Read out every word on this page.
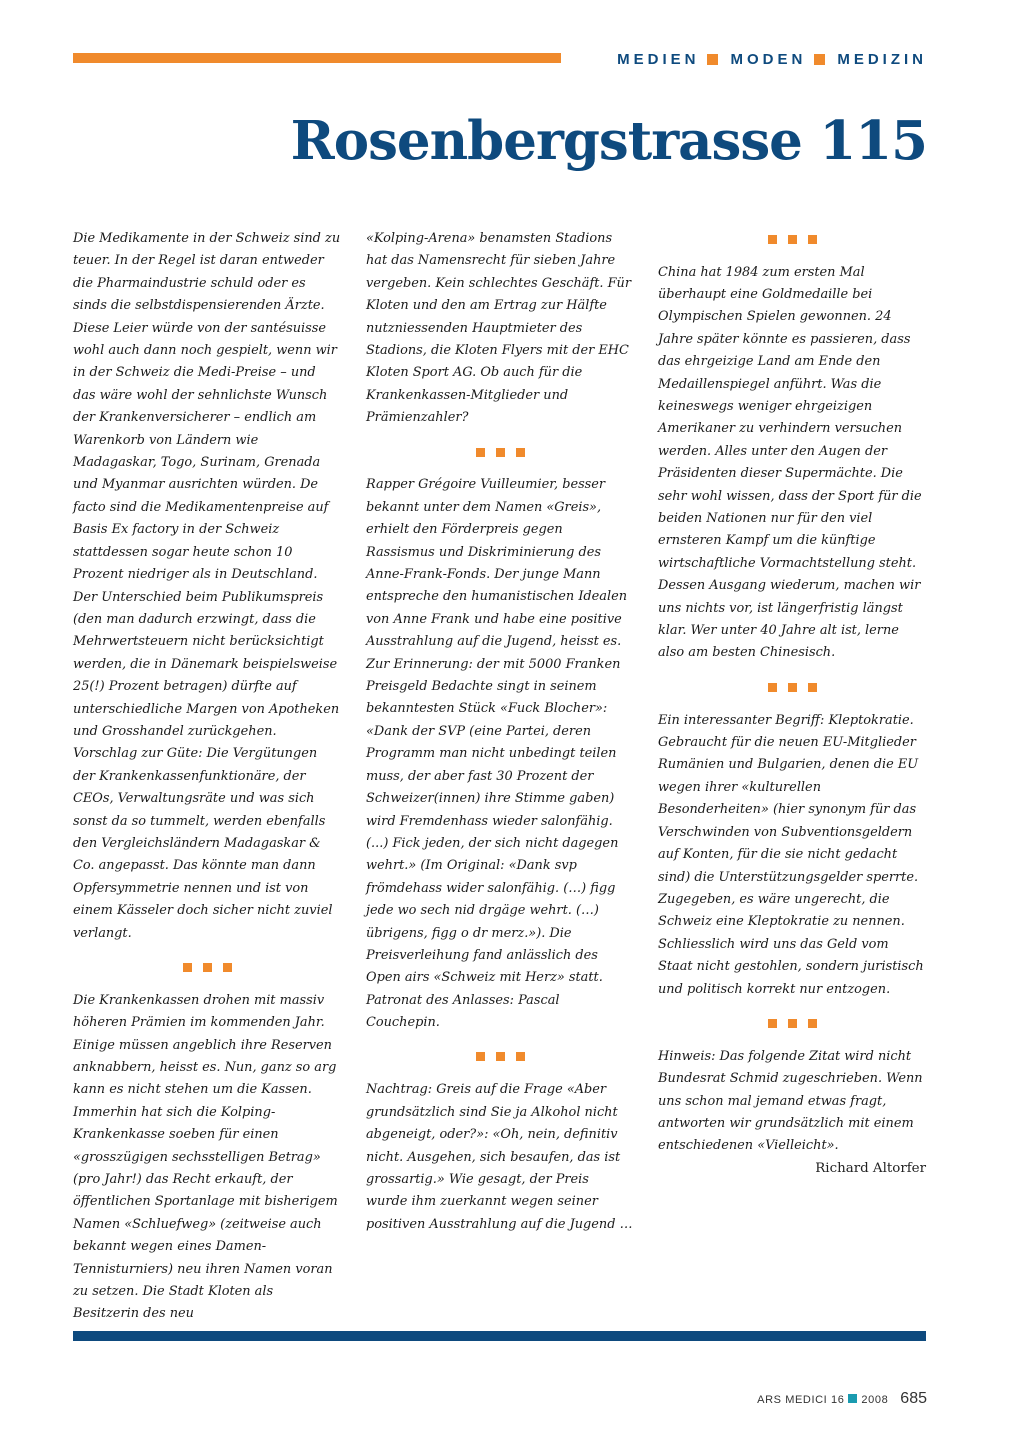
MEDIEN MODEN MEDIZIN
Rosenbergstrasse 115

Die Medikamente in der Schweiz sind zu teuer. In der Regel ist daran entweder die Pharmaindustrie schuld oder es sinds die selbstdispensierenden Ärzte. Diese Leier würde von der santésuisse wohl auch dann noch gespielt, wenn wir in der Schweiz die Medi-Preise – und das wäre wohl der sehnlichste Wunsch der Krankenversicherer – endlich am Warenkorb von Ländern wie Madagaskar, Togo, Surinam, Grenada und Myanmar ausrichten würden. De facto sind die Medikamentenpreise auf Basis Ex factory in der Schweiz stattdessen sogar heute schon 10 Prozent niedriger als in Deutschland. Der Unterschied beim Publikumspreis (den man dadurch erzwingt, dass die Mehrwertsteuern nicht berücksichtigt werden, die in Dänemark beispielsweise 25(!) Prozent betragen) dürfte auf unterschiedliche Margen von Apotheken und Grosshandel zurückgehen. Vorschlag zur Güte: Die Vergütungen der Krankenkassenfunktionäre, der CEOs, Verwaltungsräte und was sich sonst da so tummelt, werden ebenfalls den Vergleichsländern Madagaskar & Co. angepasst. Das könnte man dann Opfersymmetrie nennen und ist von einem Kässeler doch sicher nicht zuviel verlangt.

Die Krankenkassen drohen mit massiv höheren Prämien im kommenden Jahr. Einige müssen angeblich ihre Reserven anknabbern, heisst es. Nun, ganz so arg kann es nicht stehen um die Kassen. Immerhin hat sich die Kolping-Krankenkasse soeben für einen «grosszügigen sechsstelligen Betrag» (pro Jahr!) das Recht erkauft, der öffentlichen Sportanlage mit bisherigem Namen «Schluefweg» (zeitweise auch bekannt wegen eines Damen-Tennisturniers) neu ihren Namen voran zu setzen. Die Stadt Kloten als Besitzerin des neu

«Kolping-Arena» benamsten Stadions hat das Namensrecht für sieben Jahre vergeben. Kein schlechtes Geschäft. Für Kloten und den am Ertrag zur Hälfte nutzniessenden Hauptmieter des Stadions, die Kloten Flyers mit der EHC Kloten Sport AG. Ob auch für die Krankenkassen-Mitglieder und Prämienzahler?

Rapper Grégoire Vuilleumier, besser bekannt unter dem Namen «Greis», erhielt den Förderpreis gegen Rassismus und Diskriminierung des Anne-Frank-Fonds. Der junge Mann entspreche den humanistischen Idealen von Anne Frank und habe eine positive Ausstrahlung auf die Jugend, heisst es. Zur Erinnerung: der mit 5000 Franken Preisgeld Bedachte singt in seinem bekanntesten Stück «Fuck Blocher»: «Dank der SVP (eine Partei, deren Programm man nicht unbedingt teilen muss, der aber fast 30 Prozent der Schweizer(innen) ihre Stimme gaben) wird Fremdenhass wieder salonfähig. (...) Fick jeden, der sich nicht dagegen wehrt.» (Im Original: «Dank svp frömdehass wider salonfähig. (…) figg jede wo sech nid drgäge wehrt. (…) übrigens, figg o dr merz.»). Die Preisverleihung fand anlässlich des Open airs «Schweiz mit Herz» statt. Patronat des Anlasses: Pascal Couchepin.

Nachtrag: Greis auf die Frage «Aber grundsätzlich sind Sie ja Alkohol nicht abgeneigt, oder?»: «Oh, nein, definitiv nicht. Ausgehen, sich besaufen, das ist grossartig.» Wie gesagt, der Preis wurde ihm zuerkannt wegen seiner positiven Ausstrahlung auf die Jugend …

China hat 1984 zum ersten Mal überhaupt eine Goldmedaille bei Olympischen Spielen gewonnen. 24 Jahre später könnte es passieren, dass das ehrgeizige Land am Ende den Medaillenspiegel anführt. Was die keineswegs weniger ehrgeizigen Amerikaner zu verhindern versuchen werden. Alles unter den Augen der Präsidenten dieser Supermächte. Die sehr wohl wissen, dass der Sport für die beiden Nationen nur für den viel ernsteren Kampf um die künftige wirtschaftliche Vormachtstellung steht. Dessen Ausgang wiederum, machen wir uns nichts vor, ist längerfristig längst klar. Wer unter 40 Jahre alt ist, lerne also am besten Chinesisch.

Ein interessanter Begriff: Kleptokratie. Gebraucht für die neuen EU-Mitglieder Rumänien und Bulgarien, denen die EU wegen ihrer «kulturellen Besonderheiten» (hier synonym für das Verschwinden von Subventionsgeldern auf Konten, für die sie nicht gedacht sind) die Unterstützungsgelder sperrte. Zugegeben, es wäre ungerecht, die Schweiz eine Kleptokratie zu nennen. Schliesslich wird uns das Geld vom Staat nicht gestohlen, sondern juristisch und politisch korrekt nur entzogen.

Hinweis: Das folgende Zitat wird nicht Bundesrat Schmid zugeschrieben. Wenn uns schon mal jemand etwas fragt, antworten wir grundsätzlich mit einem entschiedenen «Vielleicht».

Richard Altorfer

ARS MEDICI 16 2008 685
